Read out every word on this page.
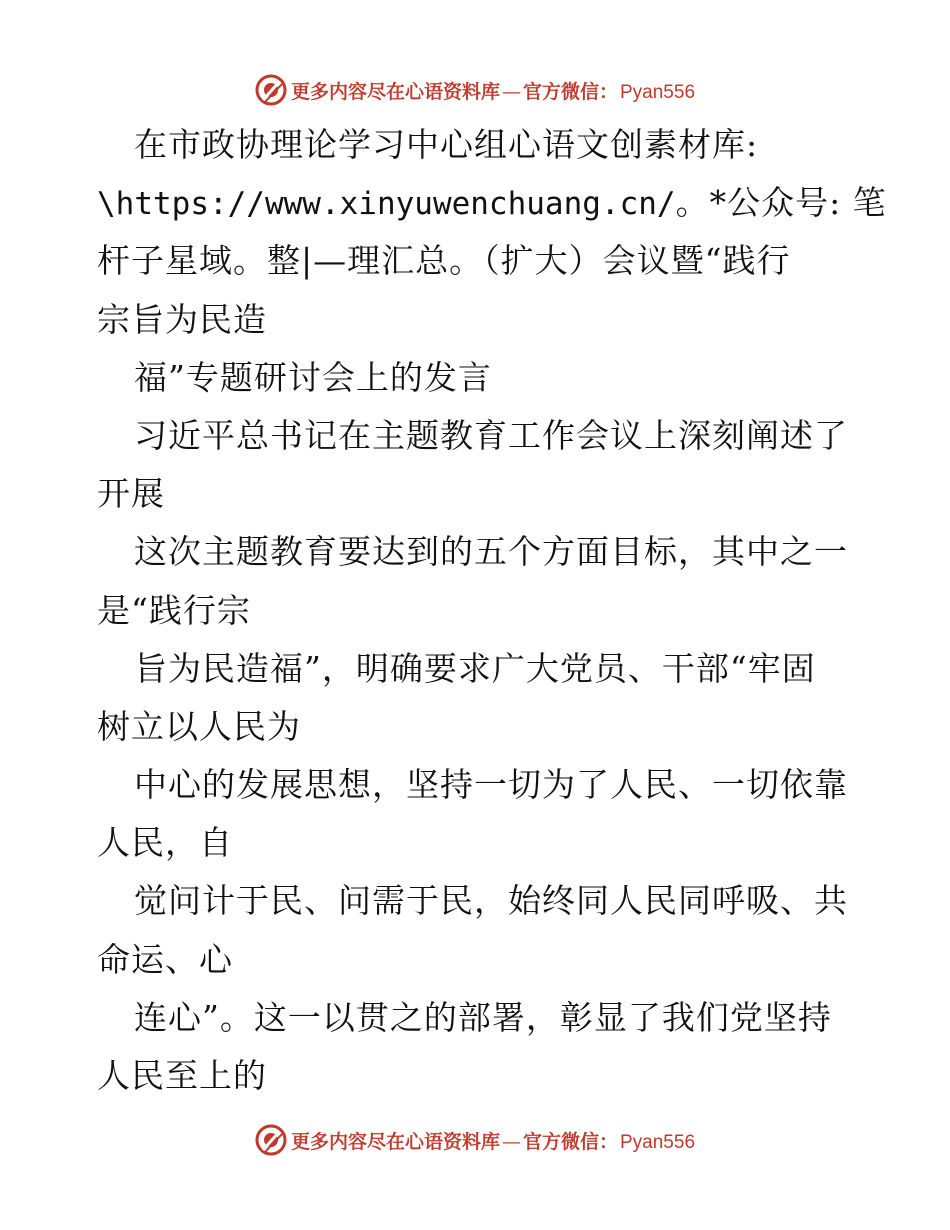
更多内容尽在心语资料库 — 官方微信： Pyan556
在市政协理论学习中心组心语文创素材库:
\https://www.xinyuwenchuang.cn/。*公众号: 笔
杆子星域。整|—理汇总。（扩大）会议暨“践行
宗旨为民造
福”专题研讨会上的发言
习近平总书记在主题教育工作会议上深刻阐述了
开展
这次主题教育要达到的五个方面目标，其中之一
是“践行宗
旨为民造福”，明确要求广大党员、干部“牢固
树立以人民为
中心的发展思想，坚持一切为了人民、一切依靠
人民，自
觉问计于民、问需于民，始终同人民同呼吸、共
命运、心
连心”。这一以贯之的部署，彰显了我们党坚持
人民至上的
更多内容尽在心语资料库 — 官方微信： Pyan556
